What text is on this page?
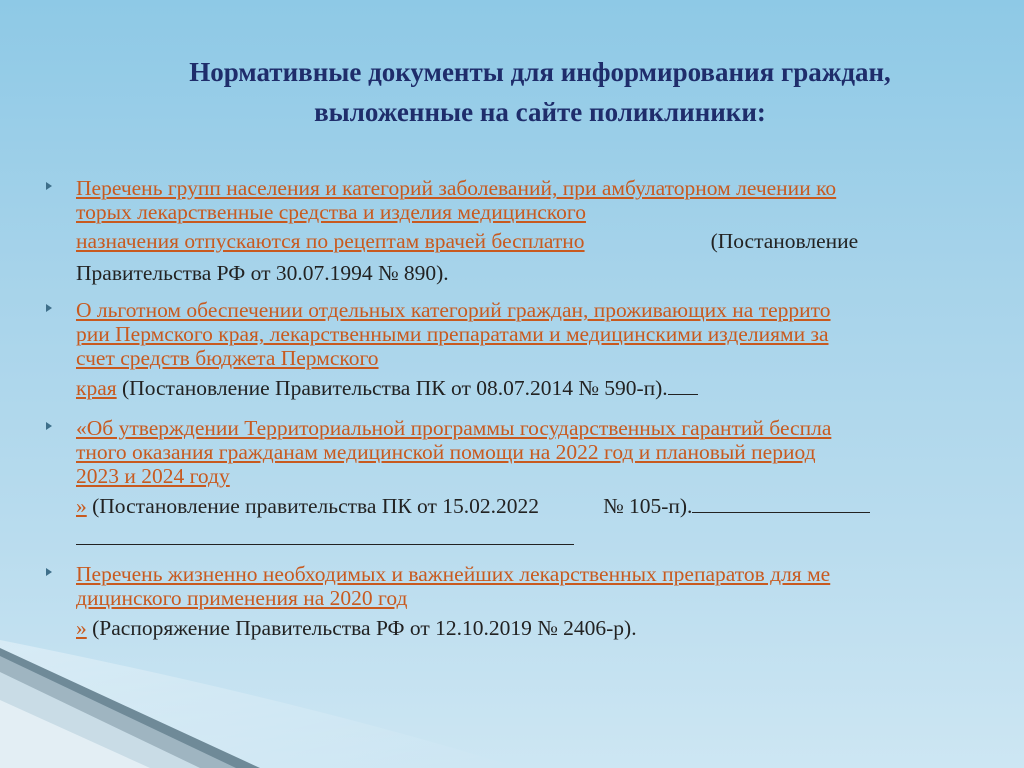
Нормативные документы для информирования граждан,
выложенные на сайте поликлиники:
Перечень групп населения и категорий заболеваний, при амбулаторном лечении ко
торых лекарственные средства и изделия медицинского
назначения отпускаются по рецептам врачей бесплатно	(Постановление
Правительства РФ от 30.07.1994 № 890).
О льготном обеспечении отдельных категорий граждан, проживающих на террито
рии Пермского края, лекарственными препаратами и медицинскими изделиями за
счет средств бюджета Пермского
края (Постановление Правительства ПК от 08.07.2014 № 590-п).
«Об утверждении Территориальной программы государственных гарантий беспла
тного оказания гражданам медицинской помощи на 2022 год и плановый период
2023 и 2024 году
» (Постановление правительства ПК от 15.02.2022	№ 105-п).
Перечень жизненно необходимых и важнейших лекарственных препаратов для ме
дицинского применения на 2020 год
» (Распоряжение Правительства РФ от 12.10.2019 № 2406-р).
